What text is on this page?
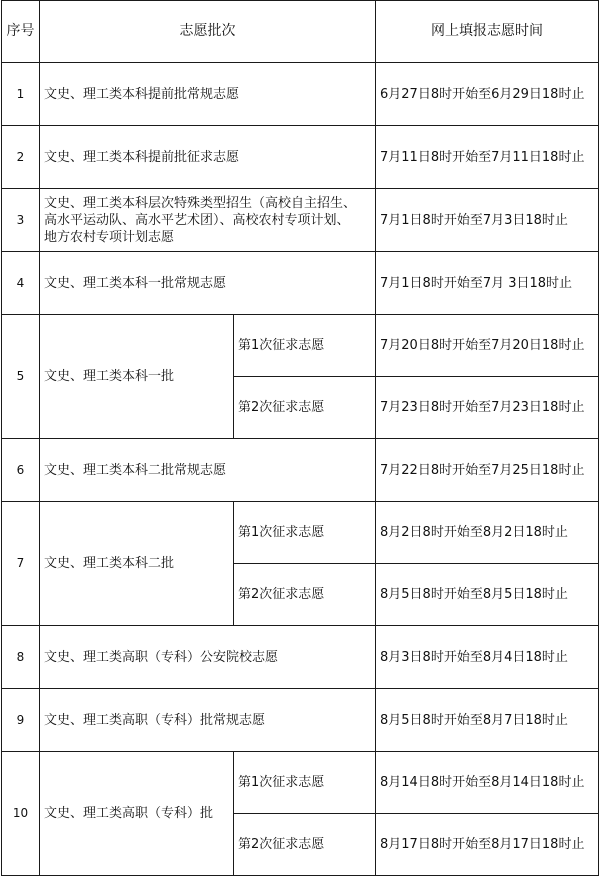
序号	志愿批次		网上填报志愿时间
1	文史、理工类本科提前批常规志愿		6月27日8时开始至6月29日18时止
2	文史、理工类本科提前批征求志愿		7月11日8时开始至7月11日18时止
3	文史、理工类本科层次特殊类型招生（高校自主招生、
高水平运动队、高水平艺术团）、高校农村专项计划、
地方农村专项计划志愿		7月1日8时开始至7月3日18时止
4	文史、理工类本科一批常规志愿		7月1日8时开始至7月 3日18时止
5	文史、理工类本科一批	第1次征求志愿	7月20日8时开始至7月20日18时止
		第2次征求志愿	7月23日8时开始至7月23日18时止
6	文史、理工类本科二批常规志愿		7月22日8时开始至7月25日18时止
7	文史、理工类本科二批	第1次征求志愿	8月2日8时开始至8月2日18时止
		第2次征求志愿	8月5日8时开始至8月5日18时止
8	文史、理工类高职（专科）公安院校志愿		8月3日8时开始至8月4日18时止
9	文史、理工类高职（专科）批常规志愿		8月5日8时开始至8月7日18时止
10	文史、理工类高职（专科）批	第1次征求志愿	8月14日8时开始至8月14日18时止
		第2次征求志愿	8月17日8时开始至8月17日18时止
